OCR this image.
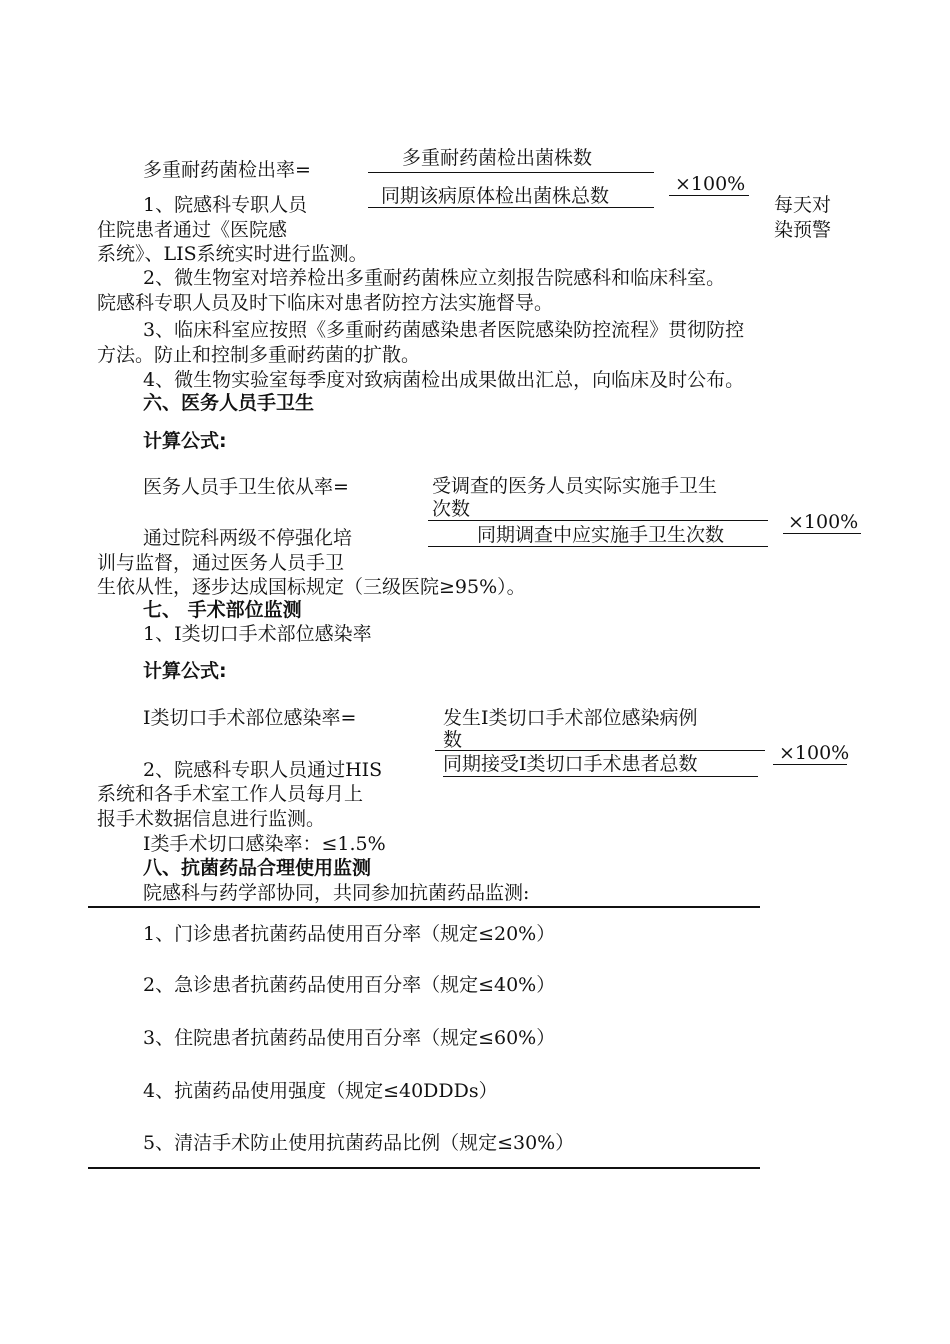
多重耐药菌检出率=
多重耐药菌检出菌株数
同期该病原体检出菌株总数
×100%
1、院感科专职人员
住院患者通过《医院感
系统》、LIS系统实时进行监测。
每天对
染预警
2、微生物室对培养检出多重耐药菌株应立刻报告院感科和临床科室。
院感科专职人员及时下临床对患者防控方法实施督导。
3、临床科室应按照《多重耐药菌感染患者医院感染防控流程》贯彻防控
方法。防止和控制多重耐药菌的扩散。
4、微生物实验室每季度对致病菌检出成果做出汇总，向临床及时公布。
六、医务人员手卫生
计算公式:
医务人员手卫生依从率=	受调查的医务人员实际实施手卫生
次数
同期调查中应实施手卫生次数
×100%
通过院科两级不停强化培
训与监督，通过医务人员手卫
生依从性，逐步达成国标规定（三级医院≥95%）。
七、 手术部位监测
1、I类切口手术部位感染率
计算公式:
I类切口手术部位感染率=	发生I类切口手术部位感染病例
数
同期接受I类切口手术患者总数	×100%
2、院感科专职人员通过HIS
系统和各手术室工作人员每月上
报手术数据信息进行监测。
I类手术切口感染率：≤1.5%
八、抗菌药品合理使用监测
院感科与药学部协同，共同参加抗菌药品监测:
1、门诊患者抗菌药品使用百分率（规定≤20%）
2、急诊患者抗菌药品使用百分率（规定≤40%）
3、住院患者抗菌药品使用百分率（规定≤60%）
4、抗菌药品使用强度（规定≤40DDDs）
5、清洁手术防止使用抗菌药品比例（规定≤30%）
